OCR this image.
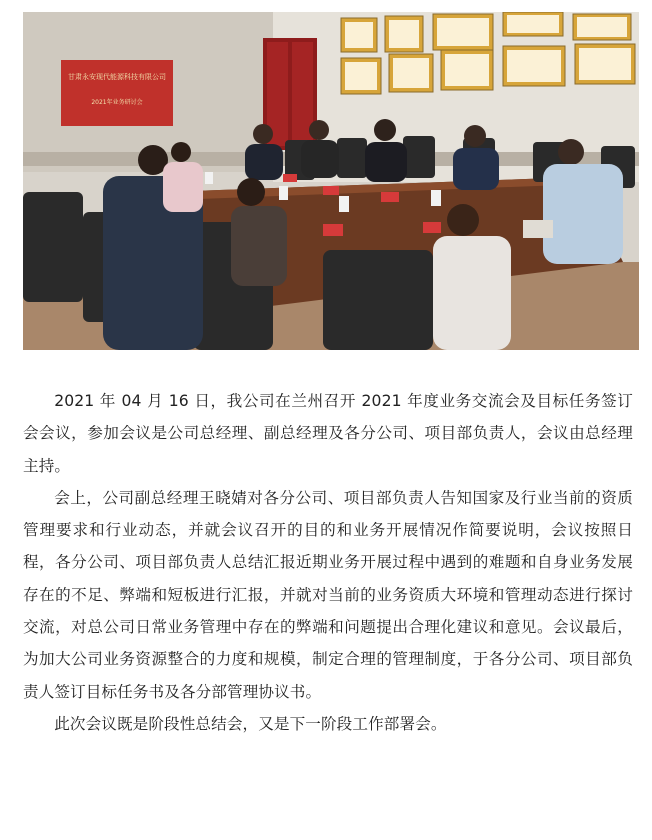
甘肃永安现代能源科技有限公司
2021年业务研讨会

2021 年 04 月 16 日，我公司在兰州召开 2021 年度业务交流会及目标任务签订会会议，参加会议是公司总经理、副总经理及各分公司、项目部负责人，会议由总经理主持。

会上，公司副总经理王晓婧对各分公司、项目部负责人告知国家及行业当前的资质管理要求和行业动态，并就会议召开的目的和业务开展情况作简要说明，会议按照日程，各分公司、项目部负责人总结汇报近期业务开展过程中遇到的难题和自身业务发展存在的不足、弊端和短板进行汇报，并就对当前的业务资质大环境和管理动态进行探讨交流，对总公司日常业务管理中存在的弊端和问题提出合理化建议和意见。会议最后，为加大公司业务资源整合的力度和规模，制定合理的管理制度，于各分公司、项目部负责人签订目标任务书及各分部管理协议书。

此次会议既是阶段性总结会，又是下一阶段工作部署会。
